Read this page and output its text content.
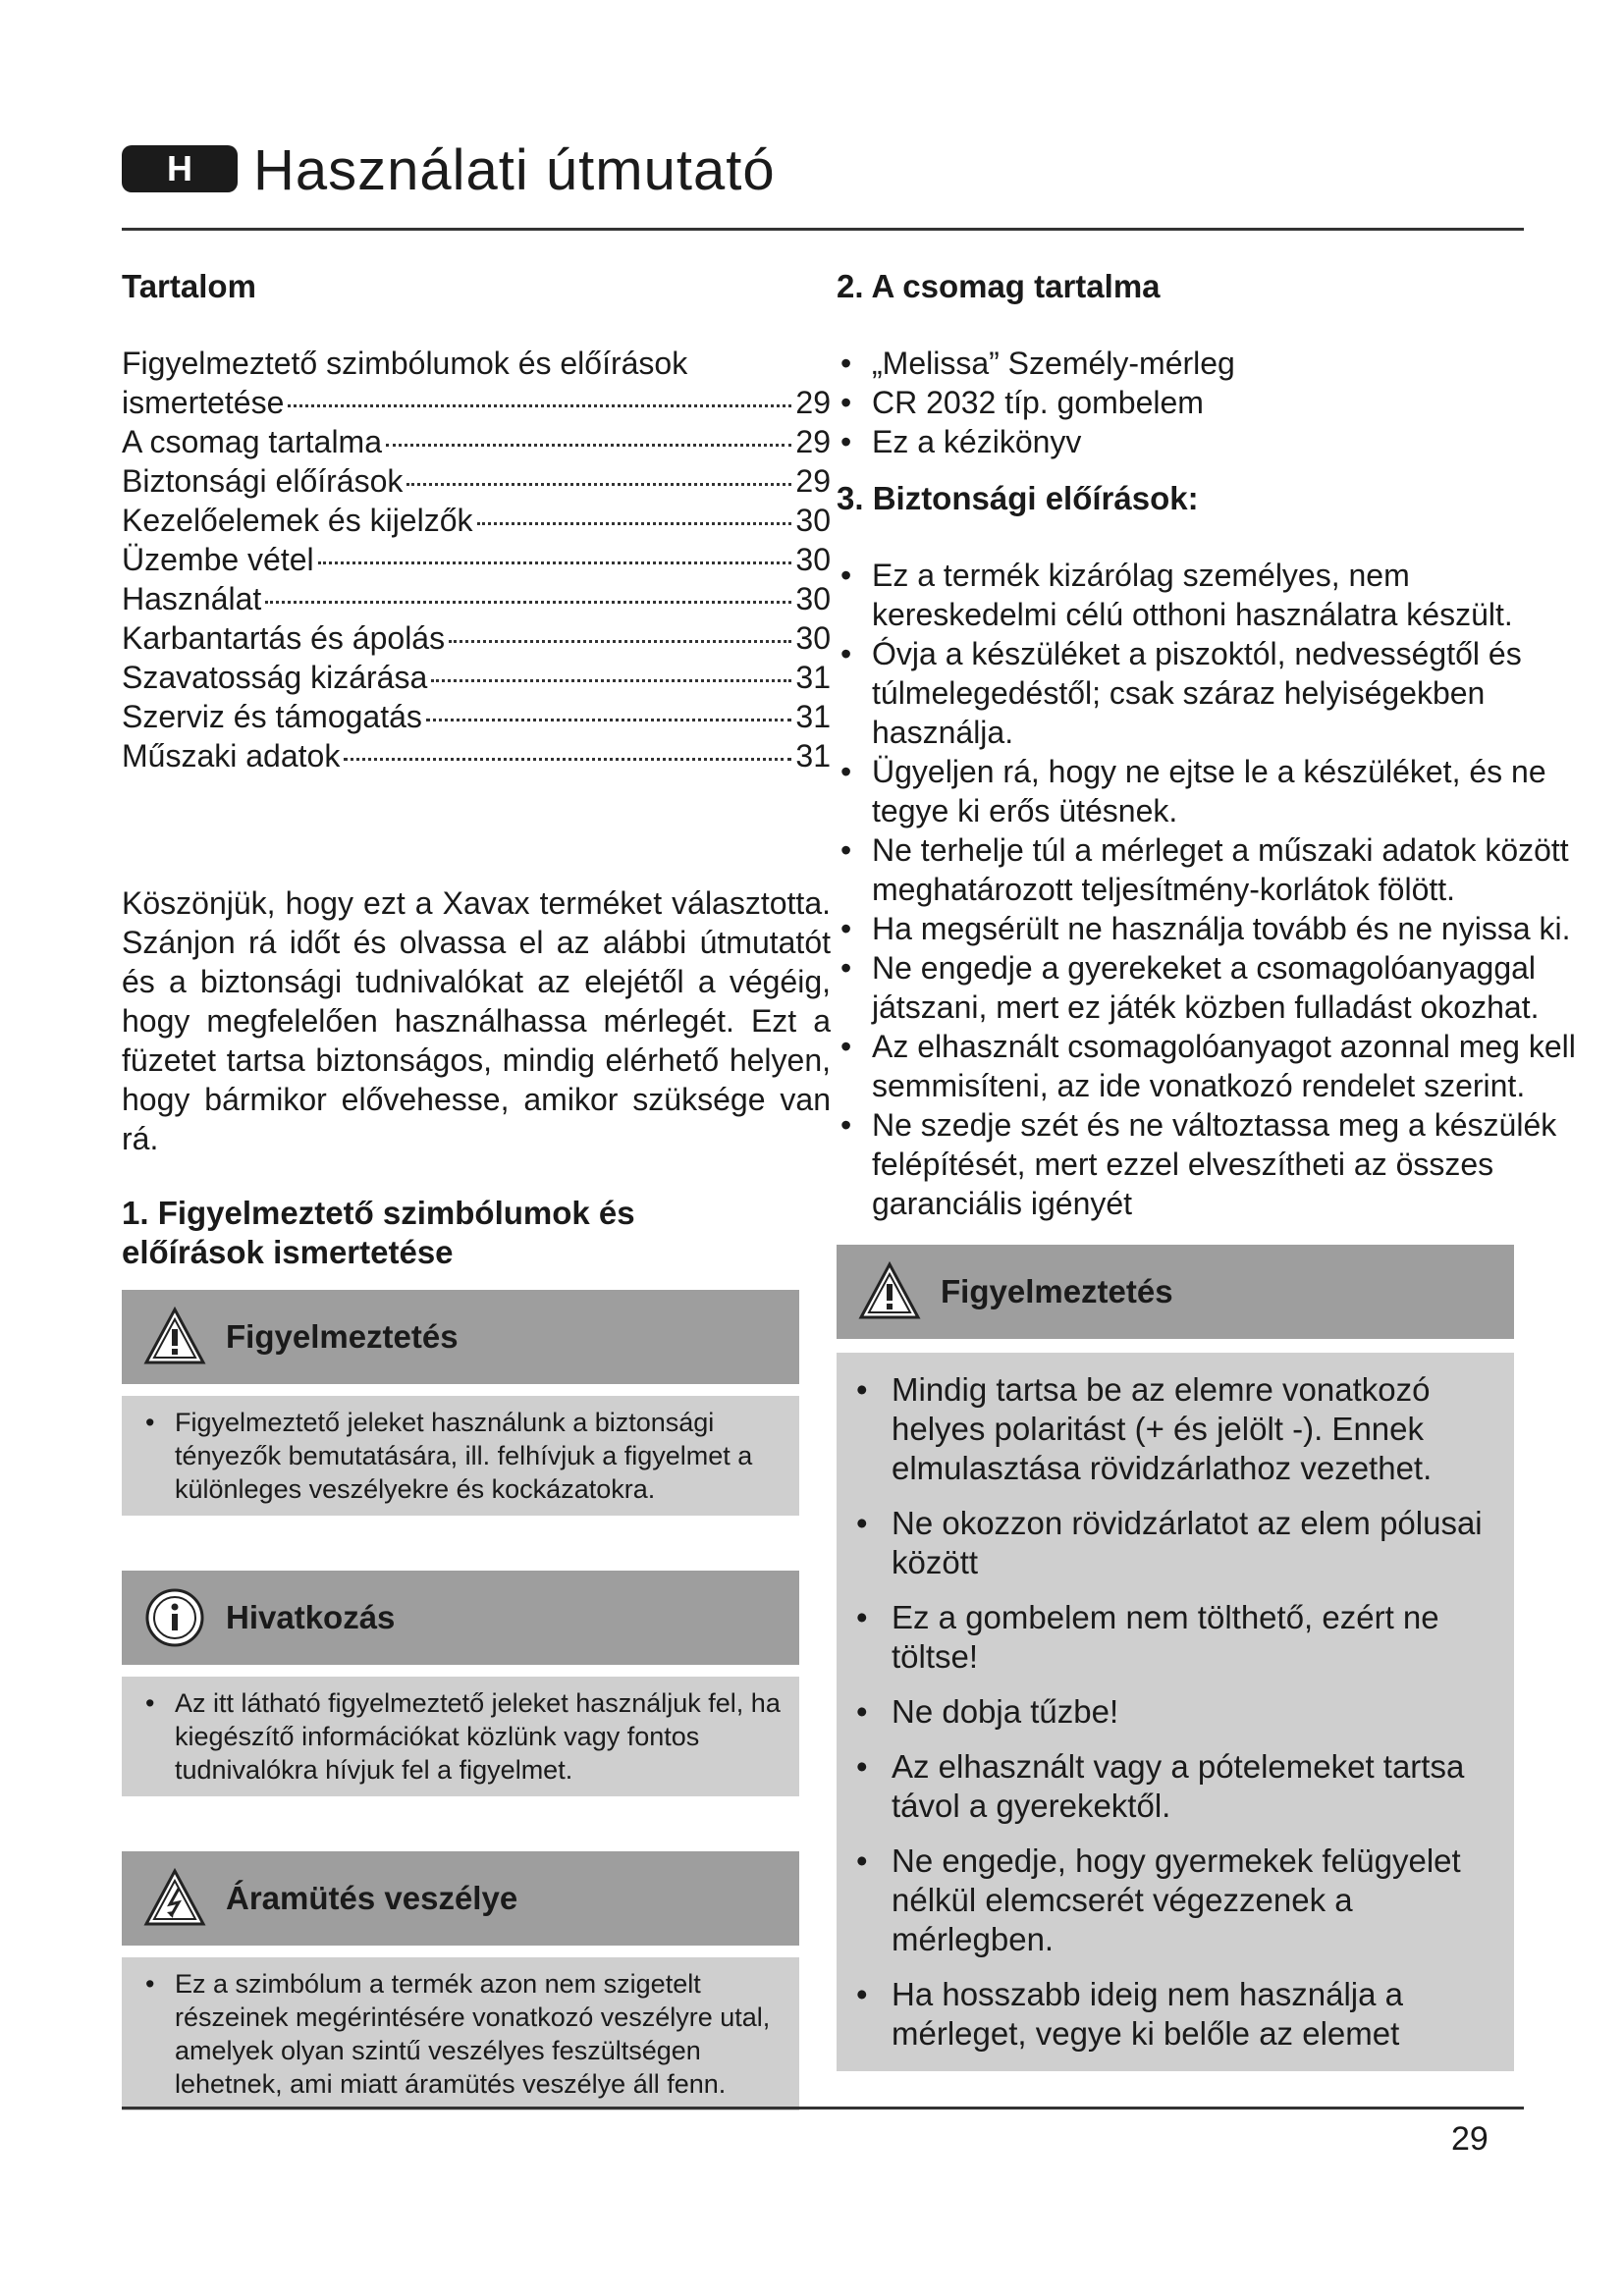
H	Használati útmutató
Tartalom
Figyelmeztető szimbólumok és előírások
ismertetése	29
A csomag tartalma	29
Biztonsági előírások	29
Kezelőelemek és kijelzők	30
Üzembe vétel	30
Használat	30
Karbantartás és ápolás	30
Szavatosság kizárása	31
Szerviz és támogatás	31
Műszaki adatok	31
Köszönjük, hogy ezt a Xavax terméket választotta. Szánjon rá időt és olvassa el az alábbi útmutatót és a biztonsági tudnivalókat az elejétől a végéig, hogy megfelelően használhassa mérlegét. Ezt a füzetet tartsa biztonságos, mindig elérhető helyen, hogy bármikor elővehesse, amikor szüksége van rá.
1. Figyelmeztető szimbólumok és előírások ismertetése
Figyelmeztetés
• Figyelmeztető jeleket használunk a biztonsági tényezők bemutatására, ill. felhívjuk a figyelmet a különleges veszélyekre és kockázatokra.
Hivatkozás
• Az itt látható figyelmeztető jeleket használjuk fel, ha kiegészítő információkat közlünk vagy fontos tudnivalókra hívjuk fel a figyelmet.
Áramütés veszélye
• Ez a szimbólum a termék azon nem szigetelt részeinek megérintésére vonatkozó veszélyre utal, amelyek olyan szintű veszélyes feszültségen lehetnek, ami miatt áramütés veszélye áll fenn.
2. A csomag tartalma
• „Melissa” Személy-mérleg
• CR 2032 típ. gombelem
• Ez a kézikönyv
3. Biztonsági előírások:
• Ez a termék kizárólag személyes, nem kereskedelmi célú otthoni használatra készült.
• Óvja a készüléket a piszoktól, nedvességtől és túlmelegedéstől; csak száraz helyiségekben használja.
• Ügyeljen rá, hogy ne ejtse le a készüléket, és ne tegye ki erős ütésnek.
• Ne terhelje túl a mérleget a műszaki adatok között meghatározott teljesítmény-korlátok fölött.
• Ha megsérült ne használja tovább és ne nyissa ki.
• Ne engedje a gyerekeket a csomagolóanyaggal játszani, mert ez játék közben fulladást okozhat.
• Az elhasznált csomagolóanyagot azonnal meg kell semmisíteni, az ide vonatkozó rendelet szerint.
• Ne szedje szét és ne változtassa meg a készülék felépítését, mert ezzel elveszítheti az összes garanciális igényét
Figyelmeztetés
• Mindig tartsa be az elemre vonatkozó helyes polaritást (+ és jelölt -). Ennek elmulasztása rövidzárlathoz vezethet.
• Ne okozzon rövidzárlatot az elem pólusai között
• Ez a gombelem nem tölthető, ezért ne töltse!
• Ne dobja tűzbe!
• Az elhasznált vagy a pótelemeket tartsa távol a gyerekektől.
• Ne engedje, hogy gyermekek felügyelet nélkül elemcserét végezzenek a mérlegben.
• Ha hosszabb ideig nem használja a mérleget, vegye ki belőle az elemet
29
